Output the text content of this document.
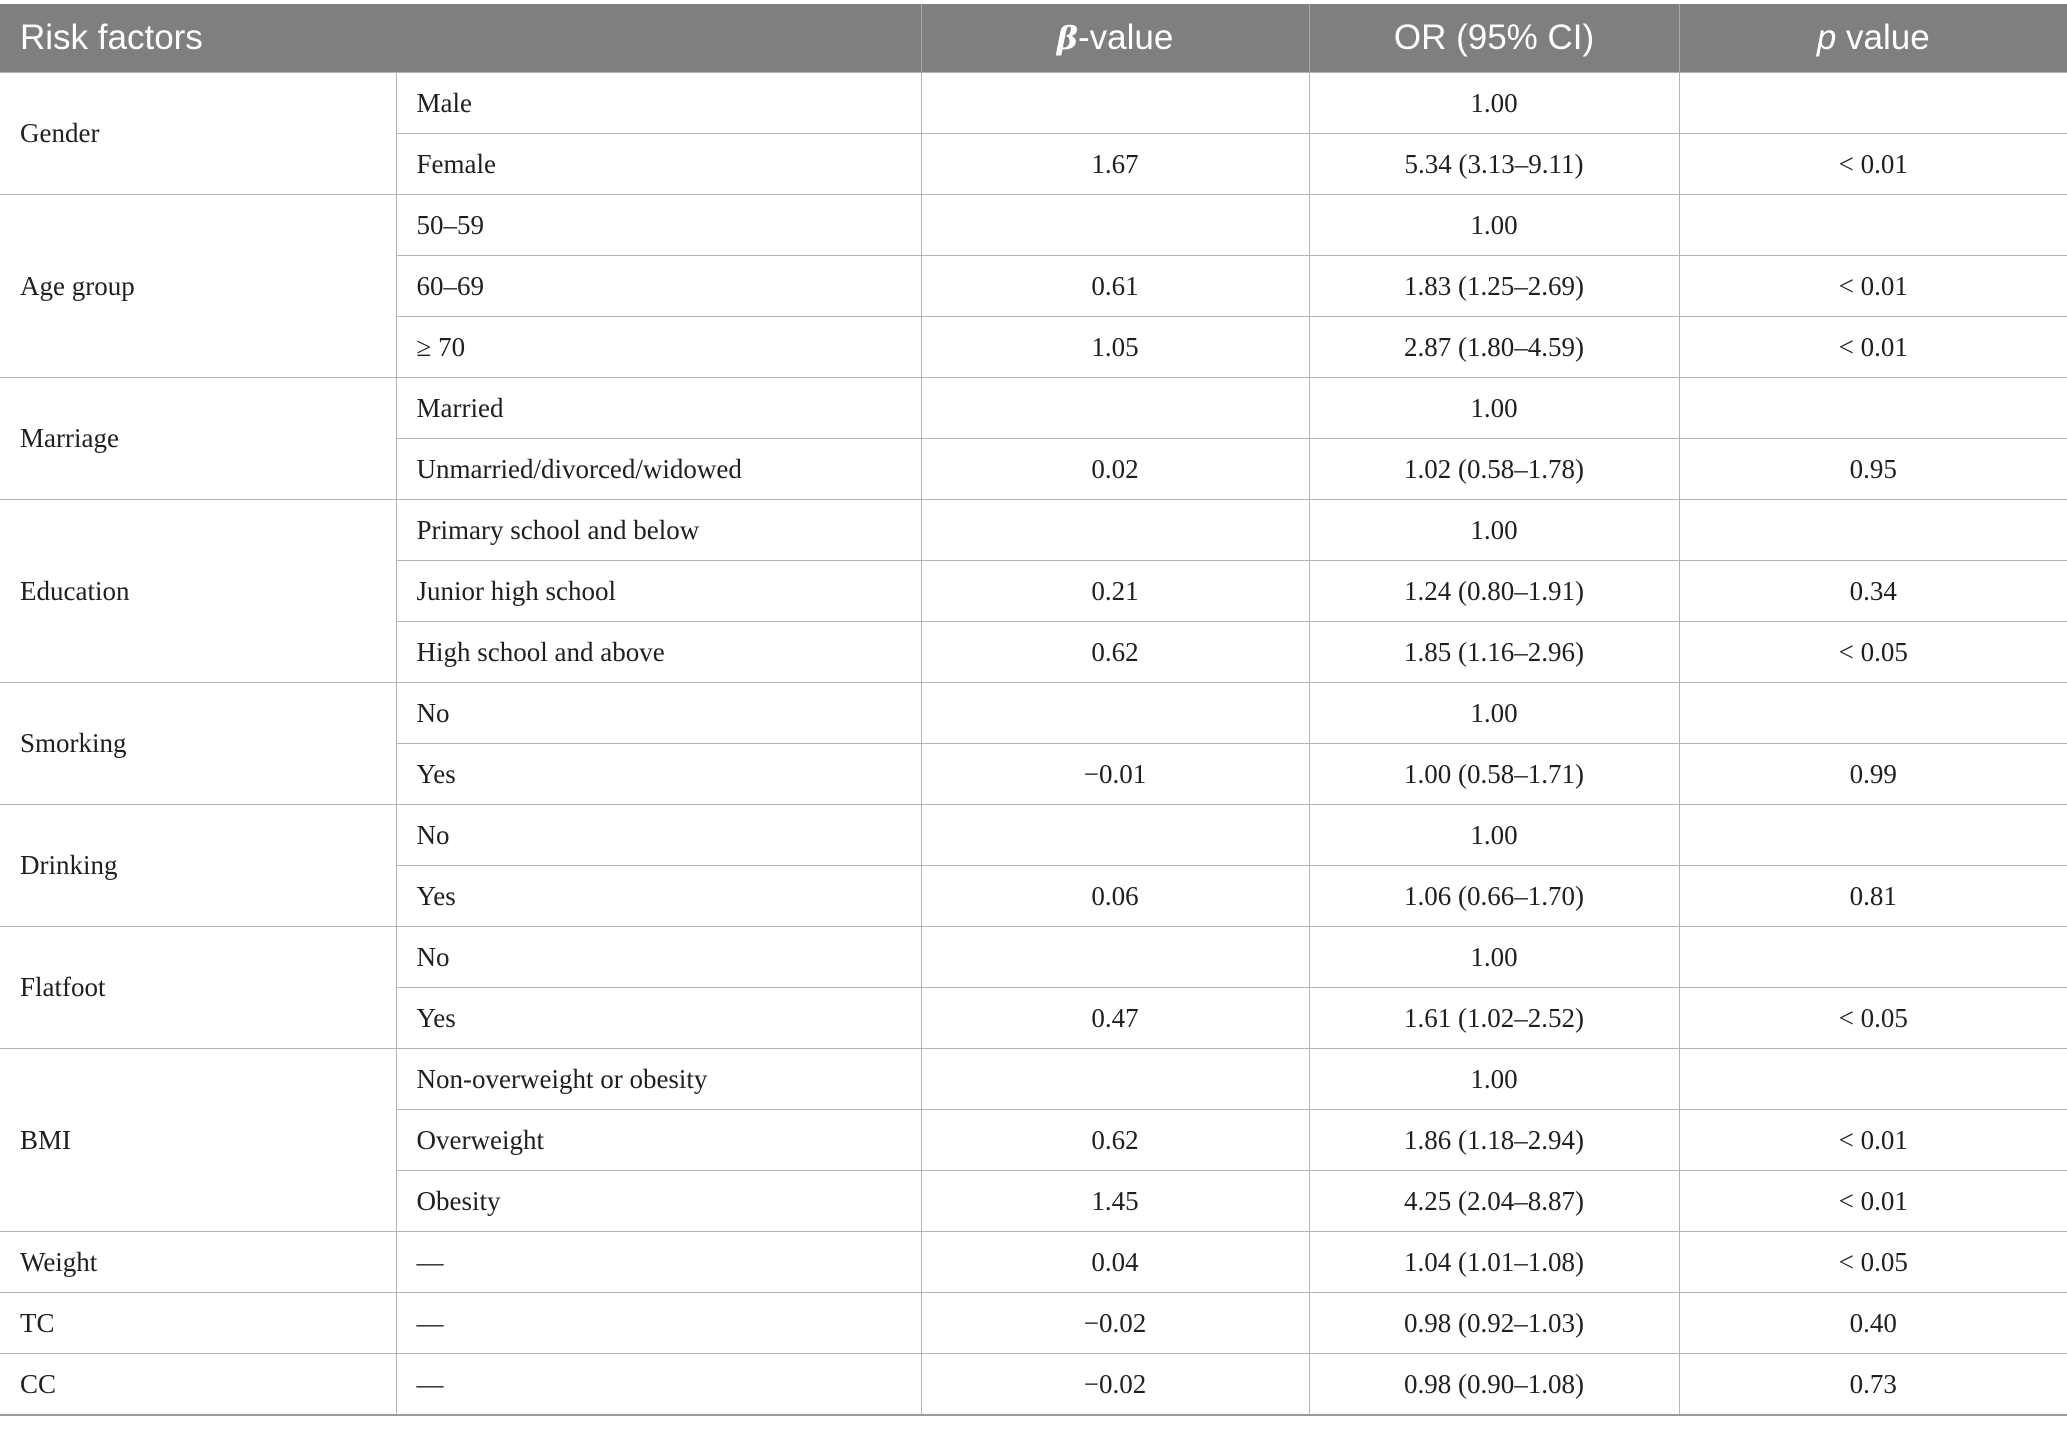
Risk factors		β-value	OR (95% CI)	p value
Gender	Male		1.00	
	Female	1.67	5.34 (3.13–9.11)	< 0.01
Age group	50–59		1.00	
	60–69	0.61	1.83 (1.25–2.69)	< 0.01
	≥ 70	1.05	2.87 (1.80–4.59)	< 0.01
Marriage	Married		1.00	
	Unmarried/divorced/widowed	0.02	1.02 (0.58–1.78)	0.95
Education	Primary school and below		1.00	
	Junior high school	0.21	1.24 (0.80–1.91)	0.34
	High school and above	0.62	1.85 (1.16–2.96)	< 0.05
Smorking	No		1.00	
	Yes	−0.01	1.00 (0.58–1.71)	0.99
Drinking	No		1.00	
	Yes	0.06	1.06 (0.66–1.70)	0.81
Flatfoot	No		1.00	
	Yes	0.47	1.61 (1.02–2.52)	< 0.05
BMI	Non-overweight or obesity		1.00	
	Overweight	0.62	1.86 (1.18–2.94)	< 0.01
	Obesity	1.45	4.25 (2.04–8.87)	< 0.01
Weight	—	0.04	1.04 (1.01–1.08)	< 0.05
TC	—	−0.02	0.98 (0.92–1.03)	0.40
CC	—	−0.02	0.98 (0.90–1.08)	0.73
